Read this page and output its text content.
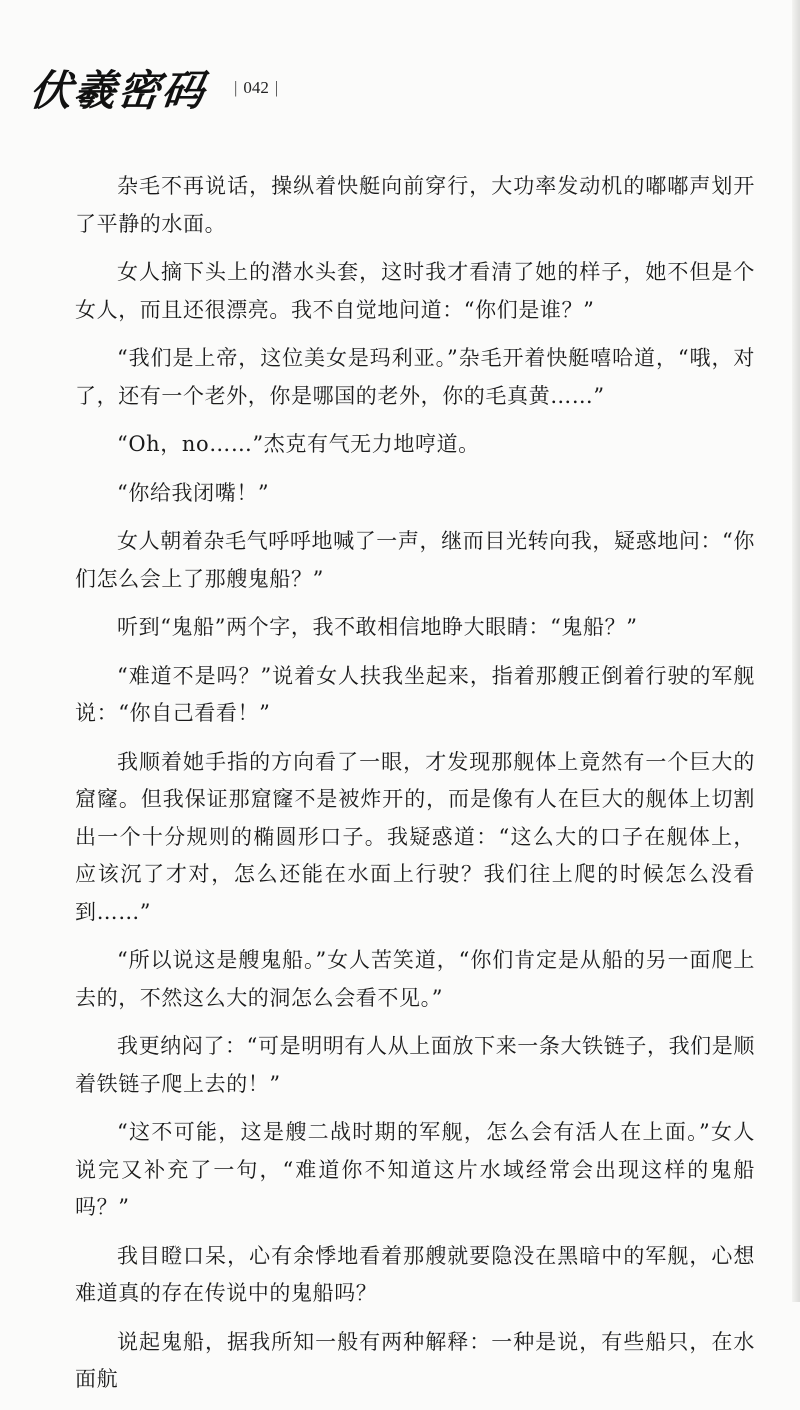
伏羲密码	| 042 |

杂毛不再说话，操纵着快艇向前穿行，大功率发动机的嘟嘟声划开了平静的水面。

女人摘下头上的潜水头套，这时我才看清了她的样子，她不但是个女人，而且还很漂亮。我不自觉地问道：“你们是谁？”

“我们是上帝，这位美女是玛利亚。”杂毛开着快艇嘻哈道，“哦，对了，还有一个老外，你是哪国的老外，你的毛真黄……”

“Oh，no……”杰克有气无力地哼道。

“你给我闭嘴！”

女人朝着杂毛气呼呼地喊了一声，继而目光转向我，疑惑地问：“你们怎么会上了那艘鬼船？”

听到“鬼船”两个字，我不敢相信地睁大眼睛：“鬼船？”

“难道不是吗？”说着女人扶我坐起来，指着那艘正倒着行驶的军舰说：“你自己看看！”

我顺着她手指的方向看了一眼，才发现那舰体上竟然有一个巨大的窟窿。但我保证那窟窿不是被炸开的，而是像有人在巨大的舰体上切割出一个十分规则的椭圆形口子。我疑惑道：“这么大的口子在舰体上，应该沉了才对，怎么还能在水面上行驶？我们往上爬的时候怎么没看到……”

“所以说这是艘鬼船。”女人苦笑道，“你们肯定是从船的另一面爬上去的，不然这么大的洞怎么会看不见。”

我更纳闷了：“可是明明有人从上面放下来一条大铁链子，我们是顺着铁链子爬上去的！”

“这不可能，这是艘二战时期的军舰，怎么会有活人在上面。”女人说完又补充了一句，“难道你不知道这片水域经常会出现这样的鬼船吗？”

我目瞪口呆，心有余悸地看着那艘就要隐没在黑暗中的军舰，心想难道真的存在传说中的鬼船吗？

说起鬼船，据我所知一般有两种解释：一种是说，有些船只，在水面航
